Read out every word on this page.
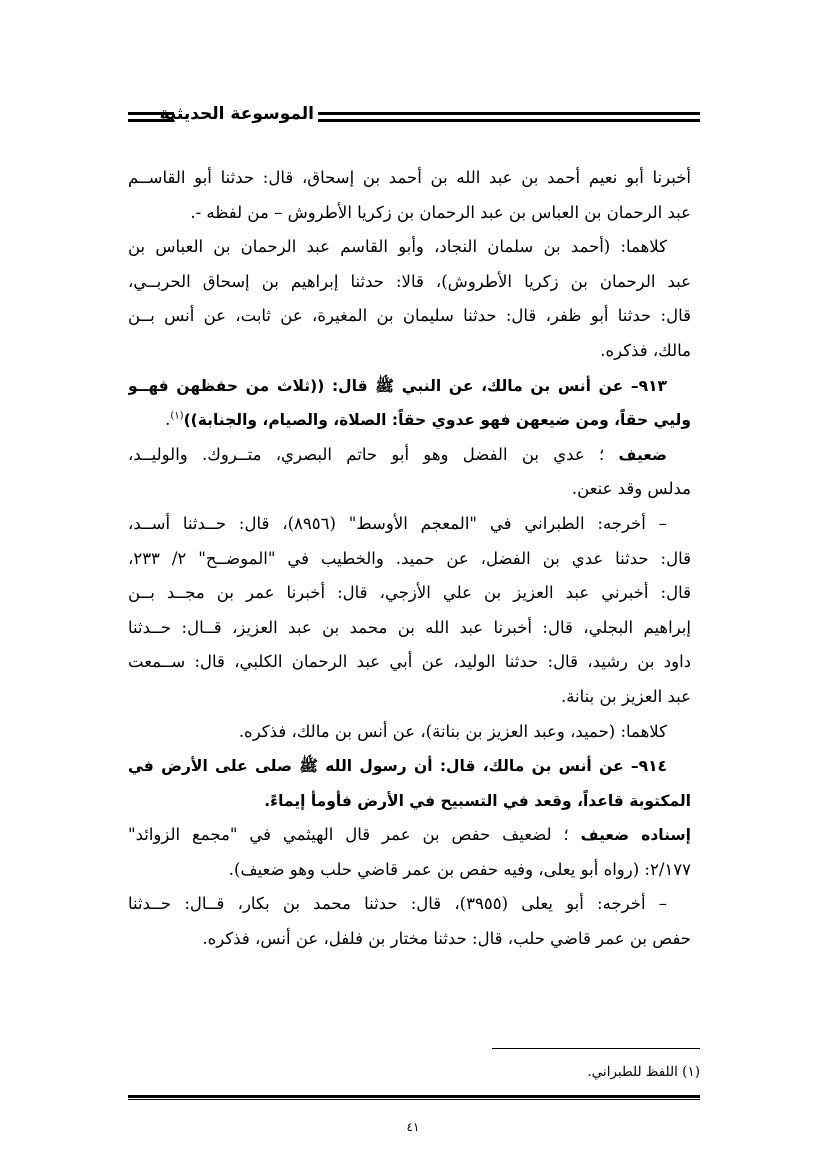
الموسوعة الحديثية
أخبرنا أبو نعيم أحمد بن عبد الله بن أحمد بن إسحاق، قال: حدثنا أبو القاســم
عبد الرحمان بن العباس بن عبد الرحمان بن زكريا الأطروش – من لفظه -.
كلاهما: (أحمد بن سلمان النجاد، وأبو القاسم عبد الرحمان بن العباس بن
عبد الرحمان بن زكريا الأطروش)، قالا: حدثنا إبراهيم بن إسحاق الحربــي،
قال: حدثنا أبو ظفر، قال: حدثنا سليمان بن المغيرة، عن ثابت، عن أنس بــن
مالك، فذكره.
٩١٣– عن أنس بن مالك، عن النبي ﷺ قال: ((ثلاث من حفظهن فهــو
وليي حقاً، ومن ضيعهن فهو عدوي حقاً: الصلاة، والصيام، والجنابة))$^{(١)}$.
ضعيف ؛ عدي بن الفضل وهو أبو حاتم البصري، متــروك. والوليــد،
مدلس وقد عنعن.
– أخرجه: الطبراني في "المعجم الأوسط" (٨٩٥٦)، قال: حــدثنا أســد،
قال: حدثنا عدي بن الفضل، عن حميد. والخطيب في "الموضــح" ٢/ ٢٣٣،
قال: أخبرني عبد العزيز بن علي الأزجي، قال: أخبرنا عمر بن مجــد بــن
إبراهيم البجلي، قال: أخبرنا عبد الله بن محمد بن عبد العزيز، قــال: حــدثنا
داود بن رشيد، قال: حدثنا الوليد، عن أبي عبد الرحمان الكلبي، قال: ســمعت
عبد العزيز بن بنانة.
كلاهما: (حميد، وعبد العزيز بن بنانة)، عن أنس بن مالك، فذكره.
٩١٤– عن أنس بن مالك، قال: أن رسول الله ﷺ صلى على الأرض في
المكتوبة قاعداً، وقعد في التسبيح في الأرض فأومأ إيماءً.
إسناده ضعيف ؛ لضعيف حفص بن عمر قال الهيثمي في "مجمع الزوائد"
٢/١٧٧: (رواه أبو يعلى، وفيه حفص بن عمر قاضي حلب وهو ضعيف).
– أخرجه: أبو يعلى (٣٩٥٥)، قال: حدثنا محمد بن بكار، قــال: حــدثنا
حفص بن عمر قاضي حلب، قال: حدثنا مختار بن فلفل، عن أنس، فذكره.
(١) اللفظ للطبراني.
٤١
